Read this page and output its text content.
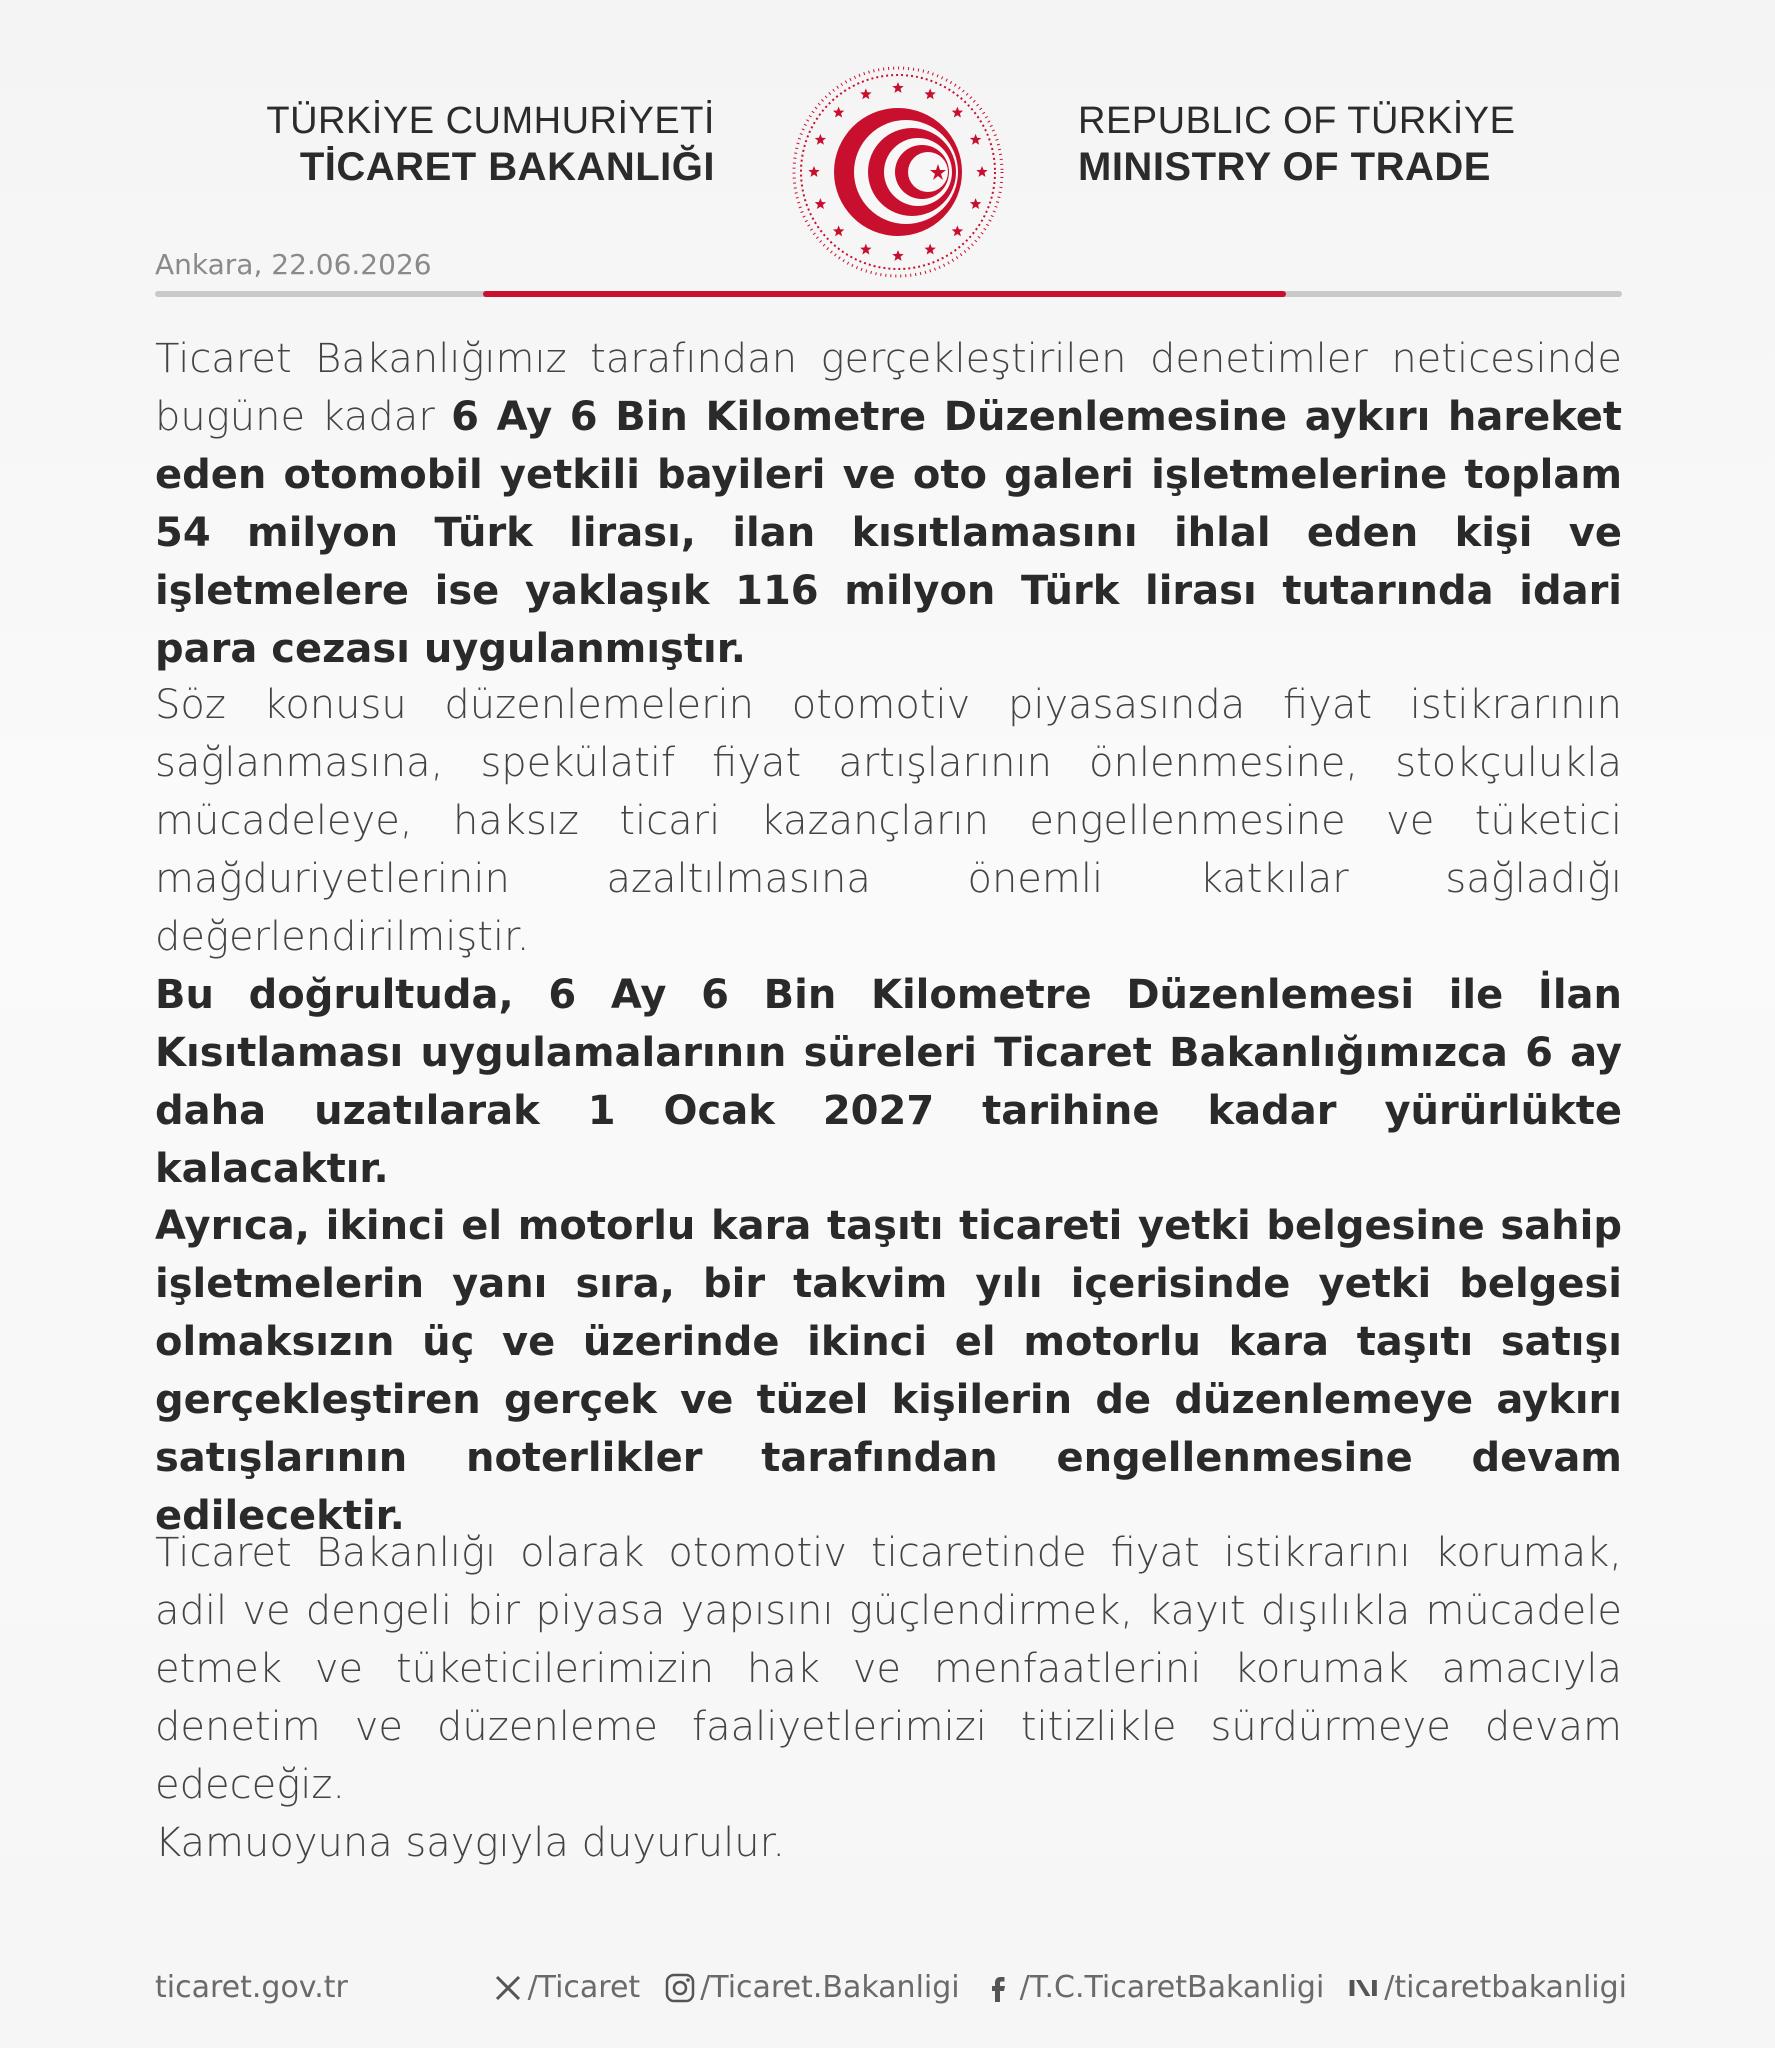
TÜRKİYE CUMHURİYETİ
TİCARET BAKANLIĞI
REPUBLIC OF TÜRKİYE
MINISTRY OF TRADE
Ankara, 22.06.2026

Ticaret Bakanlığımız tarafından gerçekleştirilen denetimler neticesinde bugüne kadar 6 Ay 6 Bin Kilometre Düzenlemesine aykırı hareket eden otomobil yetkili bayileri ve oto galeri işletmelerine toplam 54 milyon Türk lirası, ilan kısıtlamasını ihlal eden kişi ve işletmelere ise yaklaşık 116 milyon Türk lirası tutarında idari para cezası uygulanmıştır.

Söz konusu düzenlemelerin otomotiv piyasasında fiyat istikrarının sağlanmasına, spekülatif fiyat artışlarının önlenmesine, stokçulukla mücadeleye, haksız ticari kazançların engellenmesine ve tüketici mağduriyetlerinin azaltılmasına önemli katkılar sağladığı değerlendirilmiştir.

Bu doğrultuda, 6 Ay 6 Bin Kilometre Düzenlemesi ile İlan Kısıtlaması uygulamalarının süreleri Ticaret Bakanlığımızca 6 ay daha uzatılarak 1 Ocak 2027 tarihine kadar yürürlükte kalacaktır.

Ayrıca, ikinci el motorlu kara taşıtı ticareti yetki belgesine sahip işletmelerin yanı sıra, bir takvim yılı içerisinde yetki belgesi olmaksızın üç ve üzerinde ikinci el motorlu kara taşıtı satışı gerçekleştiren gerçek ve tüzel kişilerin de düzenlemeye aykırı satışlarının noterlikler tarafından engellenmesine devam edilecektir.

Ticaret Bakanlığı olarak otomotiv ticaretinde fiyat istikrarını korumak, adil ve dengeli bir piyasa yapısını güçlendirmek, kayıt dışılıkla mücadele etmek ve tüketicilerimizin hak ve menfaatlerini korumak amacıyla denetim ve düzenleme faaliyetlerimizi titizlikle sürdürmeye devam edeceğiz.

Kamuoyuna saygıyla duyurulur.

ticaret.gov.tr	/Ticaret /Ticaret.Bakanligi /T.C.TicaretBakanligi /ticaretbakanligi
